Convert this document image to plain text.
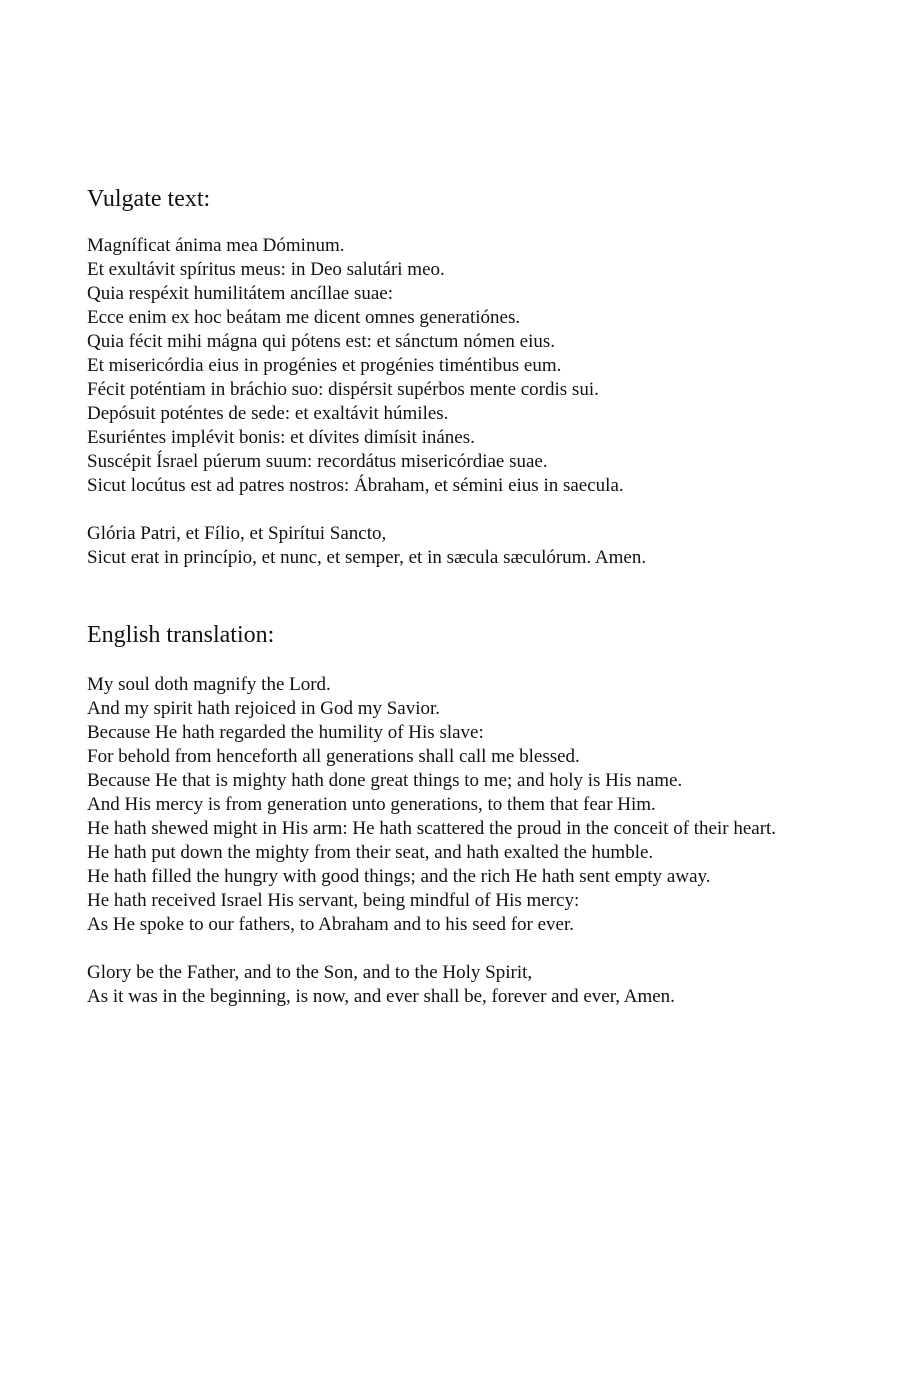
Vulgate text:
Magníficat ánima mea Dóminum.
Et exultávit spíritus meus: in Deo salutári meo.
Quia respéxit humilitátem ancíllae suae:
Ecce enim ex hoc beátam me dicent omnes generatiónes.
Quia fécit mihi mágna qui pótens est: et sánctum nómen eius.
Et misericórdia eius in progénies et progénies timéntibus eum.
Fécit poténtiam in bráchio suo: dispérsit supérbos mente cordis sui.
Depósuit poténtes de sede: et exaltávit húmiles.
Esuriéntes implévit bonis: et dívites dimísit inánes.
Suscépit Ísrael púerum suum: recordátus misericórdiae suae.
Sicut locútus est ad patres nostros: Ábraham, et sémini eius in saecula.
Glória Patri, et Fílio, et Spirítui Sancto,
Sicut erat in princípio, et nunc, et semper, et in sæcula sæculórum. Amen.
English translation:
My soul doth magnify the Lord.
And my spirit hath rejoiced in God my Savior.
Because He hath regarded the humility of His slave:
For behold from henceforth all generations shall call me blessed.
Because He that is mighty hath done great things to me; and holy is His name.
And His mercy is from generation unto generations, to them that fear Him.
He hath shewed might in His arm: He hath scattered the proud in the conceit of their heart.
He hath put down the mighty from their seat, and hath exalted the humble.
He hath filled the hungry with good things; and the rich He hath sent empty away.
He hath received Israel His servant, being mindful of His mercy:
As He spoke to our fathers, to Abraham and to his seed for ever.
Glory be the Father, and to the Son, and to the Holy Spirit,
As it was in the beginning, is now, and ever shall be, forever and ever, Amen.
